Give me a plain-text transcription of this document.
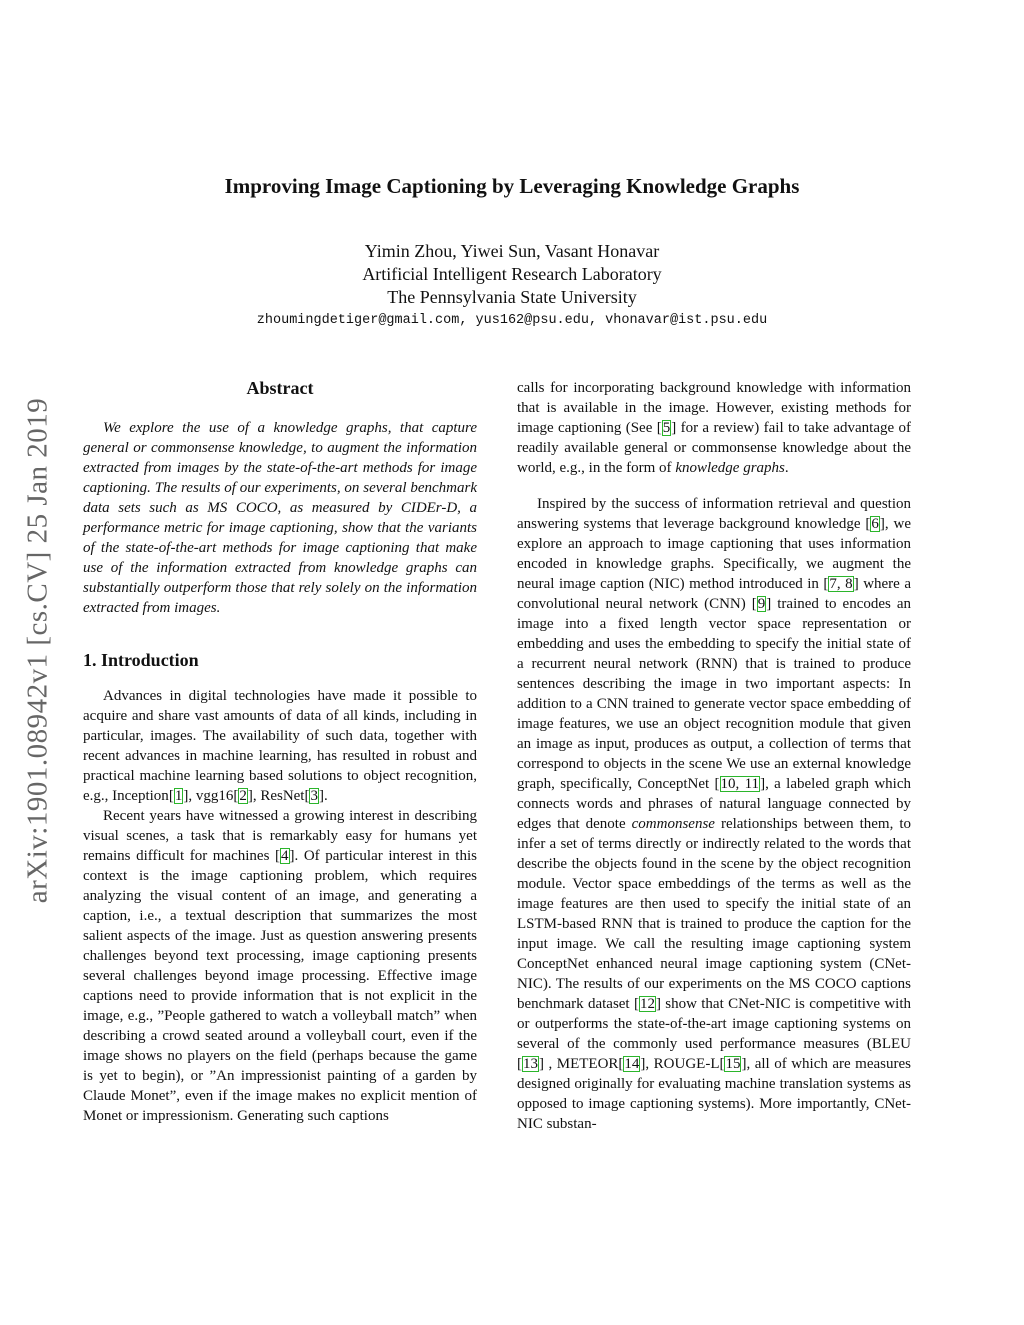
arXiv:1901.08942v1 [cs.CV] 25 Jan 2019
Improving Image Captioning by Leveraging Knowledge Graphs
Yimin Zhou, Yiwei Sun, Vasant Honavar
Artificial Intelligent Research Laboratory
The Pennsylvania State University
zhoumingdetiger@gmail.com, yus162@psu.edu, vhonavar@ist.psu.edu
Abstract

We explore the use of a knowledge graphs, that capture general or commonsense knowledge, to augment the information extracted from images by the state-of-the-art methods for image captioning. The results of our experiments, on several benchmark data sets such as MS COCO, as measured by CIDEr-D, a performance metric for image captioning, show that the variants of the state-of-the-art methods for image captioning that make use of the information extracted from knowledge graphs can substantially outperform those that rely solely on the information extracted from images.

1. Introduction

Advances in digital technologies have made it possible to acquire and share vast amounts of data of all kinds, including in particular, images. The availability of such data, together with recent advances in machine learning, has resulted in robust and practical machine learning based solutions to object recognition, e.g., Inception[1], vgg16[2], ResNet[3].

Recent years have witnessed a growing interest in describing visual scenes, a task that is remarkably easy for humans yet remains difficult for machines [4]. Of particular interest in this context is the image captioning problem, which requires analyzing the visual content of an image, and generating a caption, i.e., a textual description that summarizes the most salient aspects of the image. Just as question answering presents challenges beyond text processing, image captioning presents several challenges beyond image processing. Effective image captions need to provide information that is not explicit in the image, e.g., ”People gathered to watch a volleyball match” when describing a crowd seated around a volleyball court, even if the image shows no players on the field (perhaps because the game is yet to begin), or ”An impressionist painting of a garden by Claude Monet”, even if the image makes no explicit mention of Monet or impressionism. Generating such captions

calls for incorporating background knowledge with information that is available in the image. However, existing methods for image captioning (See [5] for a review) fail to take advantage of readily available general or commonsense knowledge about the world, e.g., in the form of knowledge graphs.

Inspired by the success of information retrieval and question answering systems that leverage background knowledge [6], we explore an approach to image captioning that uses information encoded in knowledge graphs. Specifically, we augment the neural image caption (NIC) method introduced in [7, 8] where a convolutional neural network (CNN) [9] trained to encodes an image into a fixed length vector space representation or embedding and uses the embedding to specify the initial state of a recurrent neural network (RNN) that is trained to produce sentences describing the image in two important aspects: In addition to a CNN trained to generate vector space embedding of image features, we use an object recognition module that given an image as input, produces as output, a collection of terms that correspond to objects in the scene We use an external knowledge graph, specifically, ConceptNet [10, 11], a labeled graph which connects words and phrases of natural language connected by edges that denote commonsense relationships between them, to infer a set of terms directly or indirectly related to the words that describe the objects found in the scene by the object recognition module. Vector space embeddings of the terms as well as the image features are then used to specify the initial state of an LSTM-based RNN that is trained to produce the caption for the input image. We call the resulting image captioning system ConceptNet enhanced neural image captioning system (CNet-NIC). The results of our experiments on the MS COCO captions benchmark dataset [12] show that CNet-NIC is competitive with or outperforms the state-of-the-art image captioning systems on several of the commonly used performance measures (BLEU [13] , METEOR[14], ROUGE-L[15], all of which are measures designed originally for evaluating machine translation systems as opposed to image captioning systems). More importantly, CNet-NIC substan-
